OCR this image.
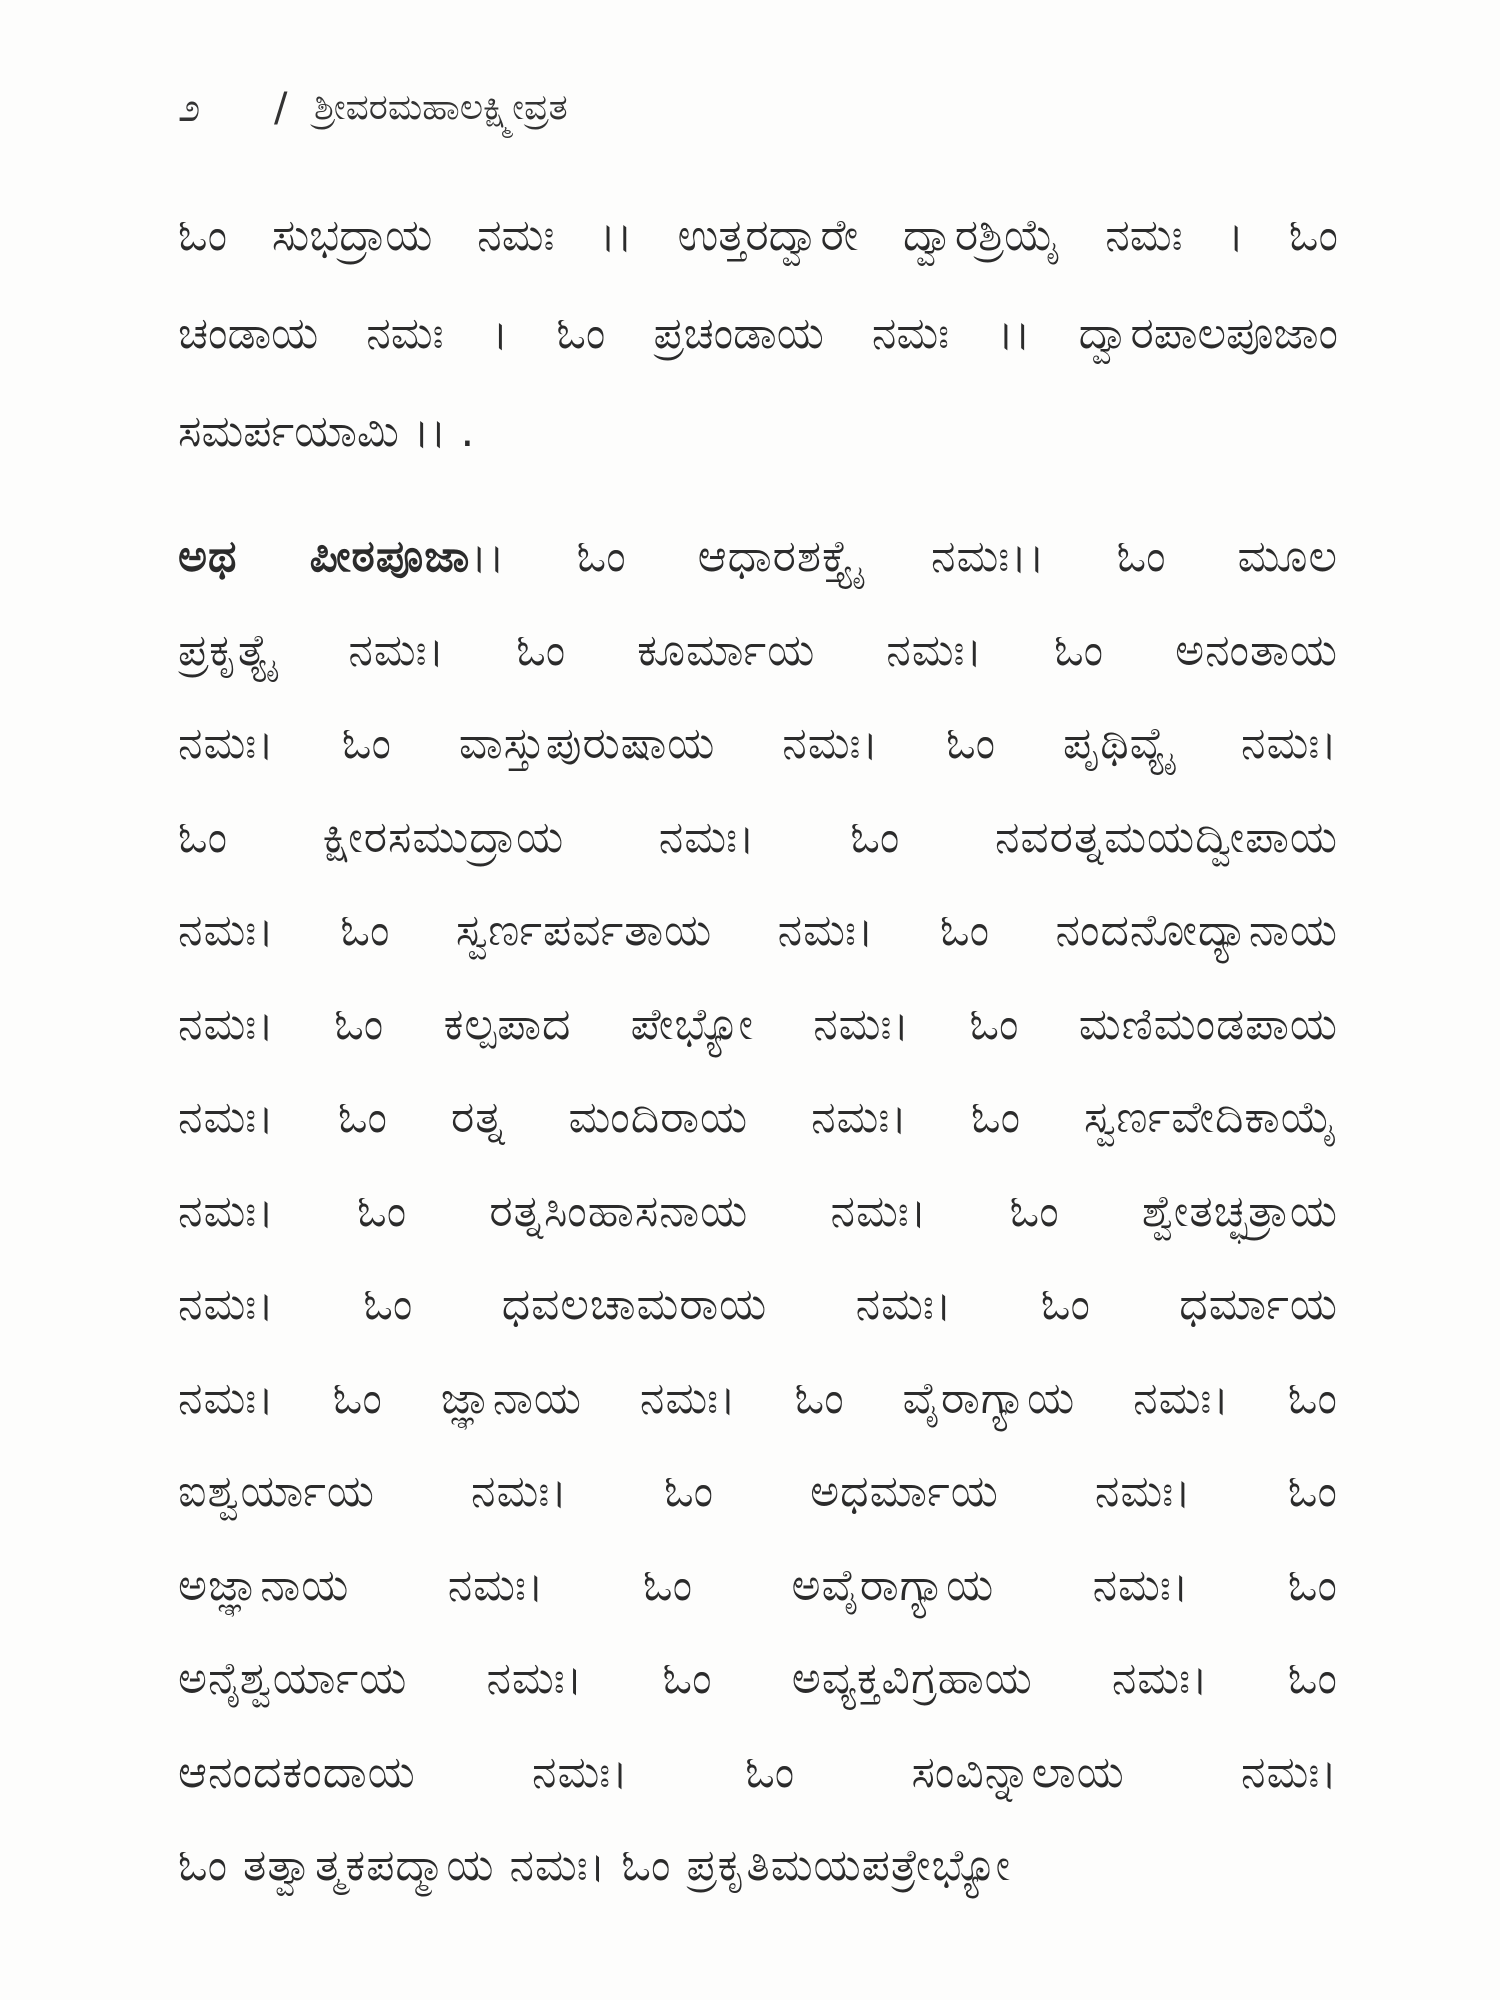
೨	/ ಶ್ರೀವರಮಹಾಲಕ್ಷ್ಮೀವ್ರತ
ಓಂ ಸುಭದ್ರಾಯ ನಮಃ ।। ಉತ್ತರದ್ವಾರೇ ದ್ವಾರಶ್ರಿಯೈ ನಮಃ । ಓಂ
ಚಂಡಾಯ ನಮಃ । ಓಂ ಪ್ರಚಂಡಾಯ ನಮಃ ।। ದ್ವಾರಪಾಲಪೂಜಾಂ
ಸಮರ್ಪಯಾಮಿ ।। .
ಅಥ ಪೀಠಪೂಜಾ।। ಓಂ ಆಧಾರಶಕ್ತ್ಯೈ ನಮಃ।। ಓಂ ಮೂಲ
ಪ್ರಕೃತ್ಯೈ ನಮಃ। ಓಂ ಕೂರ್ಮಾಯ ನಮಃ। ಓಂ ಅನಂತಾಯ
ನಮಃ। ಓಂ ವಾಸ್ತುಪುರುಷಾಯ ನಮಃ। ಓಂ ಪೃಥಿವ್ಯೈ ನಮಃ।
ಓಂ ಕ್ಷೀರಸಮುದ್ರಾಯ ನಮಃ। ಓಂ ನವರತ್ನಮಯದ್ವೀಪಾಯ
ನಮಃ। ಓಂ ಸ್ವರ್ಣಪರ್ವತಾಯ ನಮಃ। ಓಂ ನಂದನೋದ್ಯಾನಾಯ
ನಮಃ। ಓಂ ಕಲ್ಪಪಾದ ಪೇಭ್ಯೋ ನಮಃ। ಓಂ ಮಣಿಮಂಡಪಾಯ
ನಮಃ। ಓಂ ರತ್ನ ಮಂದಿರಾಯ ನಮಃ। ಓಂ ಸ್ವರ್ಣವೇದಿಕಾಯೈ
ನಮಃ। ಓಂ ರತ್ನಸಿಂಹಾಸನಾಯ ನಮಃ। ಓಂ ಶ್ವೇತಚ್ಛತ್ರಾಯ
ನಮಃ। ಓಂ ಧವಲಚಾಮರಾಯ ನಮಃ। ಓಂ ಧರ್ಮಾಯ
ನಮಃ। ಓಂ ಜ್ಞಾನಾಯ ನಮಃ। ಓಂ ವೈರಾಗ್ಯಾಯ ನಮಃ। ಓಂ
ಐಶ್ವರ್ಯಾಯ ನಮಃ। ಓಂ ಅಧರ್ಮಾಯ ನಮಃ। ಓಂ
ಅಜ್ಞಾನಾಯ ನಮಃ। ಓಂ ಅವೈರಾಗ್ಯಾಯ ನಮಃ। ಓಂ
ಅನೈಶ್ವರ್ಯಾಯ ನಮಃ। ಓಂ ಅವ್ಯಕ್ತವಿಗ್ರಹಾಯ ನಮಃ। ಓಂ
ಆನಂದಕಂದಾಯ ನಮಃ। ಓಂ ಸಂವಿನ್ನಾಲಾಯ ನಮಃ।
ಓಂ ತತ್ವಾತ್ಮಕಪದ್ಮಾಯ ನಮಃ। ಓಂ ಪ್ರಕೃತಿಮಯಪತ್ರೇಭ್ಯೋ
